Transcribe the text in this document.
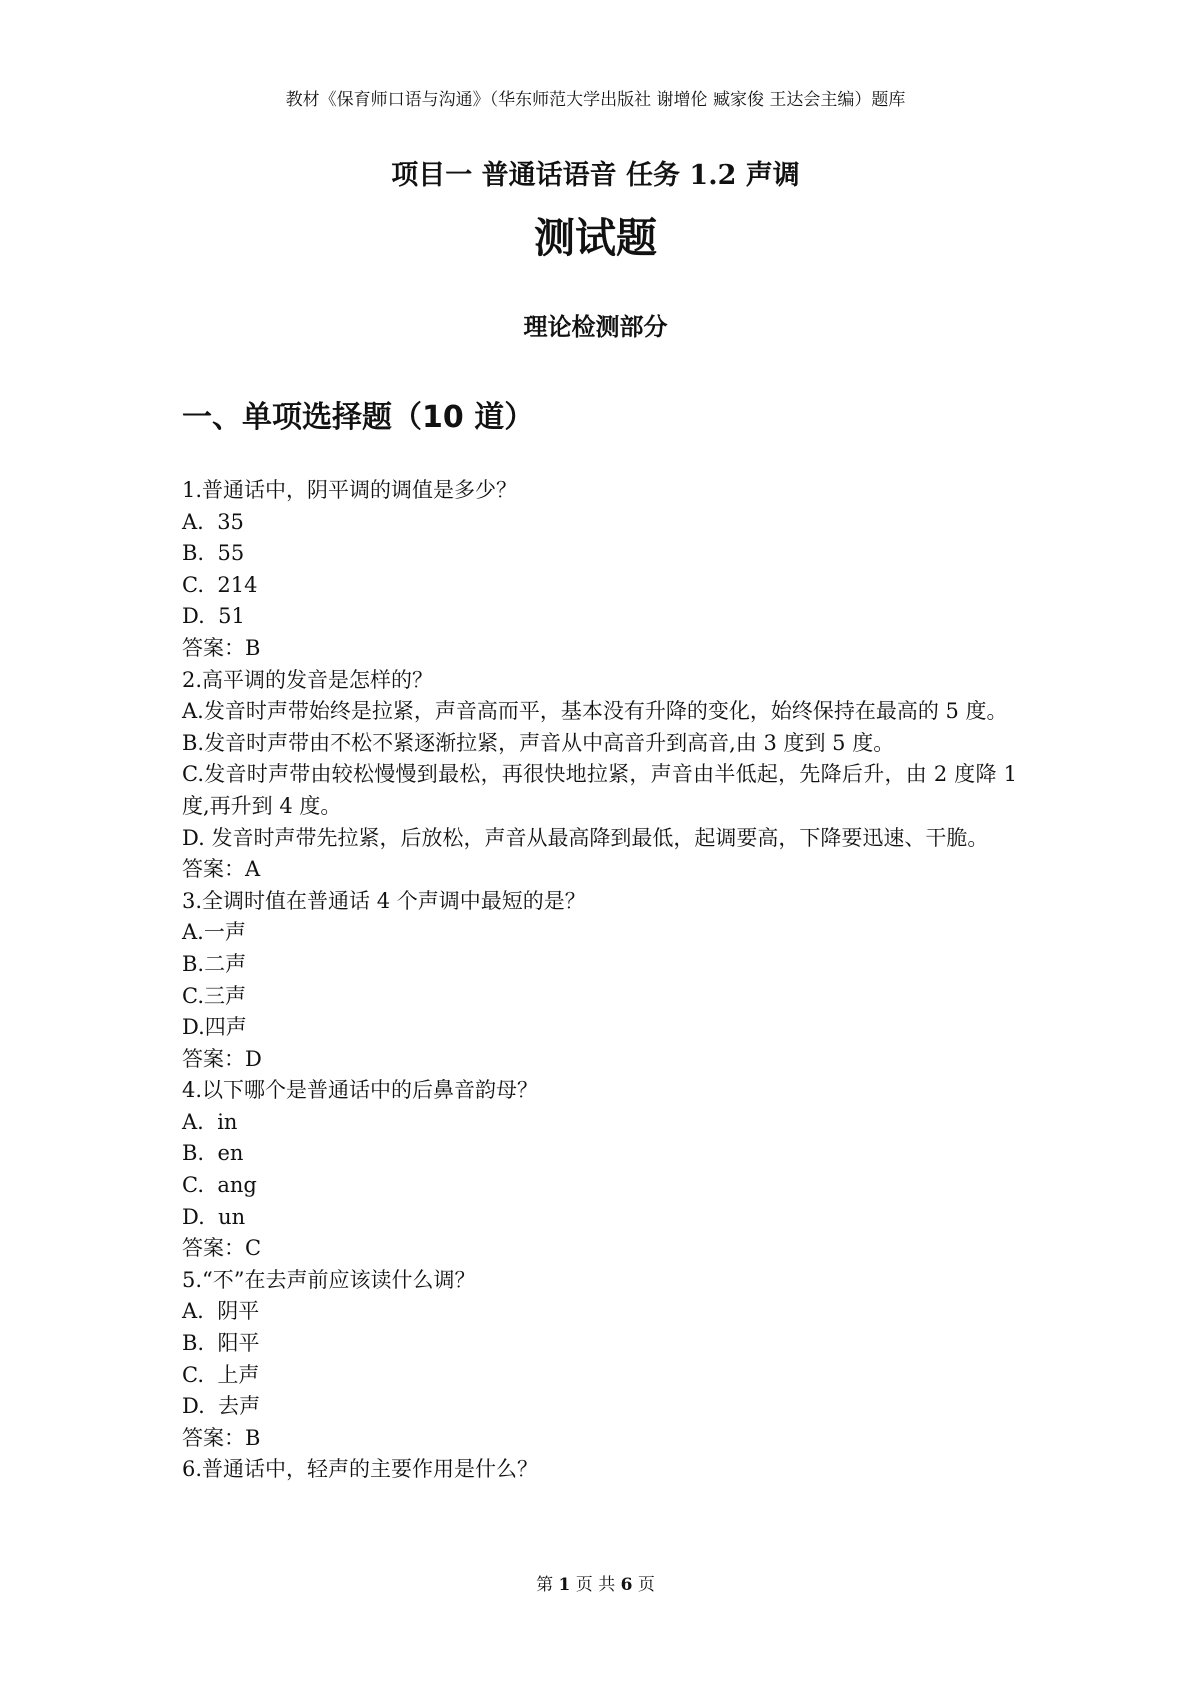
教材《保育师口语与沟通》（华东师范大学出版社 谢增伦 臧家俊 王达会主编）题库
项目一 普通话语音 任务 1.2 声调
测试题
理论检测部分
一、单项选择题（10 道）

1.普通话中，阴平调的调值是多少？

A.  35

B.  55

C.  214

D.  51

答案：B

2.高平调的发音是怎样的？

A.发音时声带始终是拉紧，声音高而平，基本没有升降的变化，始终保持在最高的 5 度。

B.发音时声带由不松不紧逐渐拉紧，声音从中高音升到高音,由 3 度到 5 度。

C.发音时声带由较松慢慢到最松，再很快地拉紧，声音由半低起，先降后升，由 2 度降 1 度,再升到 4 度。

D. 发音时声带先拉紧，后放松，声音从最高降到最低，起调要高，下降要迅速、干脆。

答案：A

3.全调时值在普通话 4 个声调中最短的是？

A.一声

B.二声

C.三声

D.四声

答案：D

4.以下哪个是普通话中的后鼻音韵母？

A.  in

B.  en

C.  ang

D.  un

答案：C

5.“不”在去声前应该读什么调？

A.  阴平

B.  阳平

C.  上声

D.  去声

答案：B

6.普通话中，轻声的主要作用是什么？

第 1 页 共 6 页
